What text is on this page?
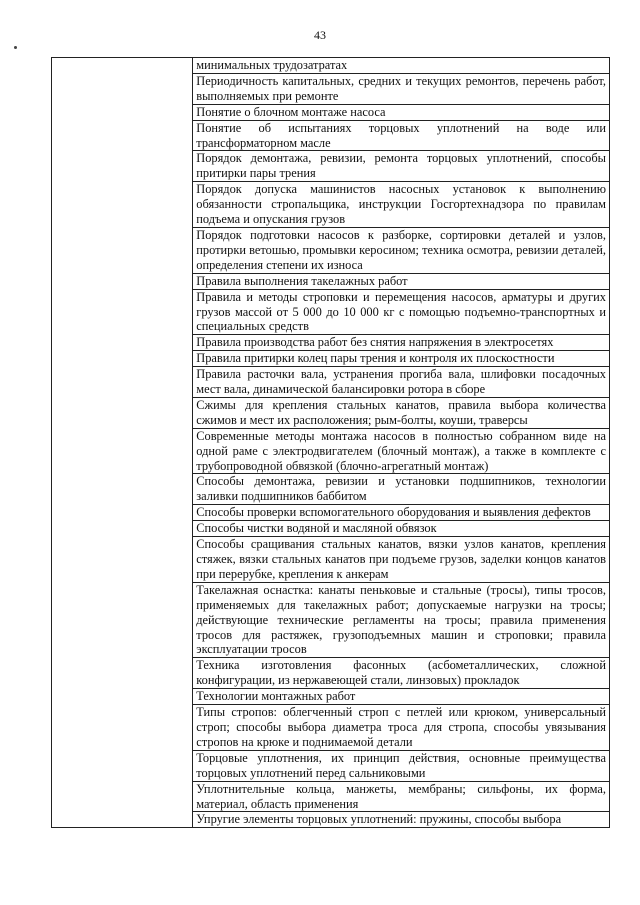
43

минимальных трудозатратах

Периодичность капитальных, средних и текущих ремонтов, перечень работ, выполняемых при ремонте

Понятие о блочном монтаже насоса

Понятие об испытаниях торцовых уплотнений на воде или трансформаторном масле

Порядок демонтажа, ревизии, ремонта торцовых уплотнений, способы притирки пары трения

Порядок допуска машинистов насосных установок к выполнению обязанности стропальщика, инструкции Госгортехнадзора по правилам подъема и опускания грузов

Порядок подготовки насосов к разборке, сортировки деталей и узлов, протирки ветошью, промывки керосином; техника осмотра, ревизии деталей, определения степени их износа

Правила выполнения такелажных работ

Правила и методы строповки и перемещения насосов, арматуры и других грузов массой от 5 000 до 10 000 кг с помощью подъемно-транспортных и специальных средств

Правила производства работ без снятия напряжения в электросетях

Правила притирки колец пары трения и контроля их плоскостности

Правила расточки вала, устранения прогиба вала, шлифовки посадочных мест вала, динамической балансировки ротора в сборе

Сжимы для крепления стальных канатов, правила выбора количества сжимов и мест их расположения; рым-болты, коуши, траверсы

Современные методы монтажа насосов в полностью собранном виде на одной раме с электродвигателем (блочный монтаж), а также в комплекте с трубопроводной обвязкой (блочно-агрегатный монтаж)

Способы демонтажа, ревизии и установки подшипников, технологии заливки подшипников баббитом

Способы проверки вспомогательного оборудования и выявления дефектов

Способы чистки водяной и масляной обвязок

Способы сращивания стальных канатов, вязки узлов канатов, крепления стяжек, вязки стальных канатов при подъеме грузов, заделки концов канатов при перерубке, крепления к анкерам

Такелажная оснастка: канаты пеньковые и стальные (тросы), типы тросов, применяемых для такелажных работ; допускаемые нагрузки на тросы; действующие технические регламенты на тросы; правила применения тросов для растяжек, грузоподъемных машин и строповки; правила эксплуатации тросов

Техника изготовления фасонных (асбометаллических, сложной конфигурации, из нержавеющей стали, линзовых) прокладок

Технологии монтажных работ

Типы стропов: облегченный строп с петлей или крюком, универсальный строп; способы выбора диаметра троса для стропа, способы увязывания стропов на крюке и поднимаемой детали

Торцовые уплотнения, их принцип действия, основные преимущества торцовых уплотнений перед сальниковыми

Уплотнительные кольца, манжеты, мембраны; сильфоны, их форма, материал, область применения

Упругие элементы торцовых уплотнений: пружины, способы выбора
